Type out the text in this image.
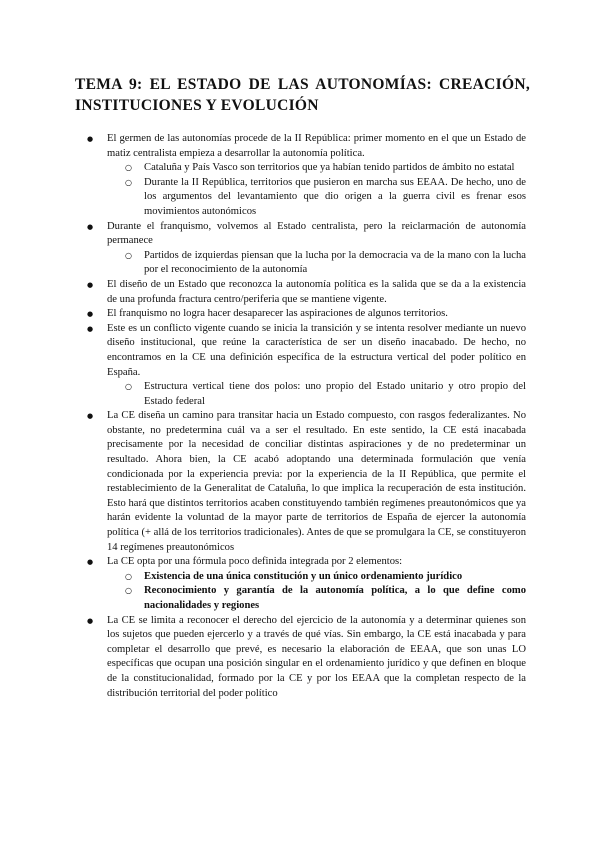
TEMA 9: EL ESTADO DE LAS AUTONOMÍAS: CREACIÓN, INSTITUCIONES Y EVOLUCIÓN
● El germen de las autonomías procede de la II República: primer momento en el que un Estado de matiz centralista empieza a desarrollar la autonomía política.
○ Cataluña y País Vasco son territorios que ya habían tenido partidos de ámbito no estatal
○ Durante la II República, territorios que pusieron en marcha sus EEAA. De hecho, uno de los argumentos del levantamiento que dio origen a la guerra civil es frenar esos movimientos autonómicos
● Durante el franquismo, volvemos al Estado centralista, pero la reiclarmación de autonomía permanece
○ Partidos de izquierdas piensan que la lucha por la democracia va de la mano con la lucha por el reconocimiento de la autonomía
● El diseño de un Estado que reconozca la autonomía política es la salida que se da a la existencia de una profunda fractura centro/periferia que se mantiene vigente.
● El franquismo no logra hacer desaparecer las aspiraciones de algunos territorios.
● Este es un conflicto vigente cuando se inicia la transición y se intenta resolver mediante un nuevo diseño institucional, que reúne la característica de ser un diseño inacabado. De hecho, no encontramos en la CE una definición específica de la estructura vertical del poder político en España.
○ Estructura vertical tiene dos polos: uno propio del Estado unitario y otro propio del Estado federal
● La CE diseña un camino para transitar hacia un Estado compuesto, con rasgos federalizantes. No obstante, no predetermina cuál va a ser el resultado. En este sentido, la CE está inacabada precisamente por la necesidad de conciliar distintas aspiraciones y de no predeterminar un resultado. Ahora bien, la CE acabó adoptando una determinada formulación que venía condicionada por la experiencia previa: por la experiencia de la II República, que permite el restablecimiento de la Generalitat de Cataluña, lo que implica la recuperación de esta institución. Esto hará que distintos territorios acaben constituyendo también regímenes preautonómicos que ya harán evidente la voluntad de la mayor parte de territorios de España de ejercer la autonomía política (+ allá de los territorios tradicionales). Antes de que se promulgara la CE, se constituyeron 14 regímenes preautonómicos
● La CE opta por una fórmula poco definida integrada por 2 elementos:
○ Existencia de una única constitución y un único ordenamiento jurídico
○ Reconocimiento y garantía de la autonomía política, a lo que define como nacionalidades y regiones
● La CE se limita a reconocer el derecho del ejercicio de la autonomía y a determinar quienes son los sujetos que pueden ejercerlo y a través de qué vías. Sin embargo, la CE está inacabada y para completar el desarrollo que prevé, es necesario la elaboración de EEAA, que son unas LO específicas que ocupan una posición singular en el ordenamiento jurídico y que definen en bloque de la constitucionalidad, formado por la CE y por los EEAA que la completan respecto de la distribución territorial del poder político
